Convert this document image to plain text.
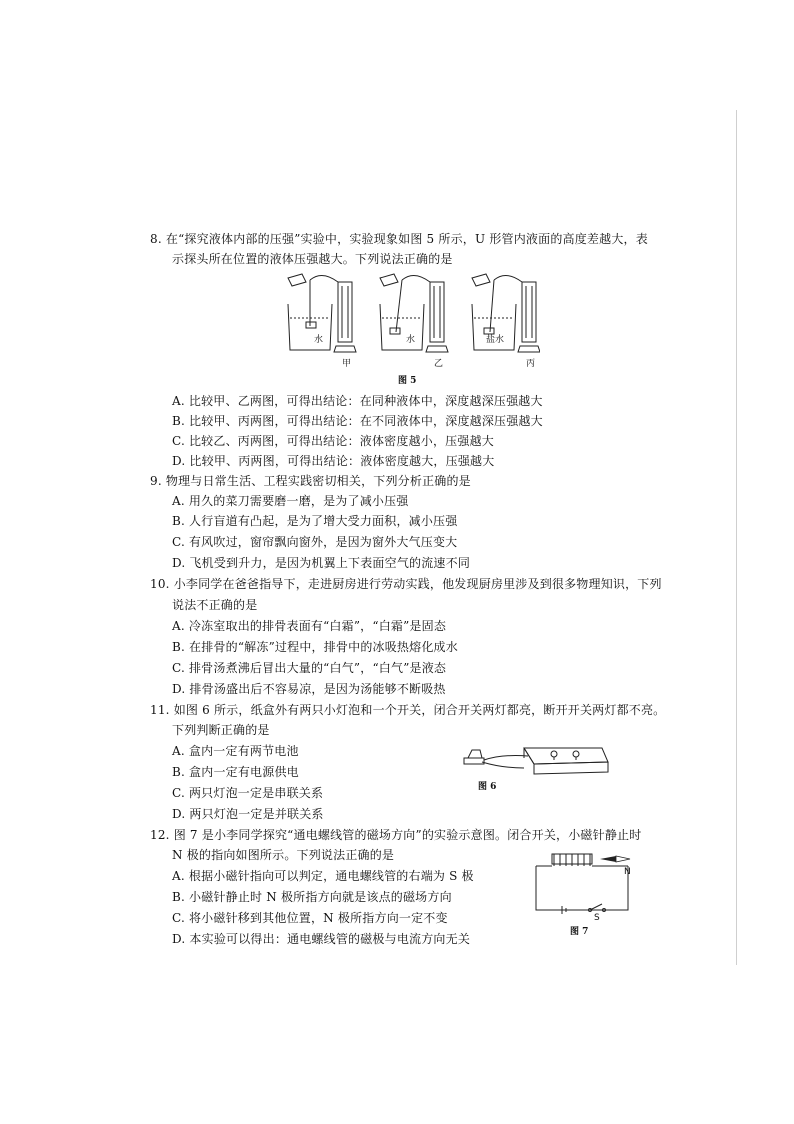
8. 在“探究液体内部的压强”实验中，实验现象如图 5 所示，U 形管内液面的高度差越大，表
示探头所在位置的液体压强越大。下列说法正确的是
水	水	盐水
甲	乙	丙
图 5
A. 比较甲、乙两图，可得出结论：在同种液体中，深度越深压强越大
B. 比较甲、丙两图，可得出结论：在不同液体中，深度越深压强越大
C. 比较乙、丙两图，可得出结论：液体密度越小，压强越大
D. 比较甲、丙两图，可得出结论：液体密度越大，压强越大
9. 物理与日常生活、工程实践密切相关，下列分析正确的是
A. 用久的菜刀需要磨一磨，是为了减小压强
B. 人行盲道有凸起，是为了增大受力面积，减小压强
C. 有风吹过，窗帘飘向窗外，是因为窗外大气压变大
D. 飞机受到升力，是因为机翼上下表面空气的流速不同
10. 小李同学在爸爸指导下，走进厨房进行劳动实践，他发现厨房里涉及到很多物理知识，下列
说法不正确的是
A. 冷冻室取出的排骨表面有“白霜”，“白霜”是固态
B. 在排骨的“解冻”过程中，排骨中的冰吸热熔化成水
C. 排骨汤煮沸后冒出大量的“白气”，“白气”是液态
D. 排骨汤盛出后不容易凉，是因为汤能够不断吸热
11. 如图 6 所示，纸盒外有两只小灯泡和一个开关，闭合开关两灯都亮，断开开关两灯都不亮。
下列判断正确的是
A. 盒内一定有两节电池
B. 盒内一定有电源供电
C. 两只灯泡一定是串联关系
D. 两只灯泡一定是并联关系
图 6
12. 图 7 是小李同学探究“通电螺线管的磁场方向”的实验示意图。闭合开关，小磁针静止时
N 极的指向如图所示。下列说法正确的是
A. 根据小磁针指向可以判定，通电螺线管的右端为 S 极
B. 小磁针静止时 N 极所指方向就是该点的磁场方向
C. 将小磁针移到其他位置，N 极所指方向一定不变
D. 本实验可以得出：通电螺线管的磁极与电流方向无关
N
S
图 7
